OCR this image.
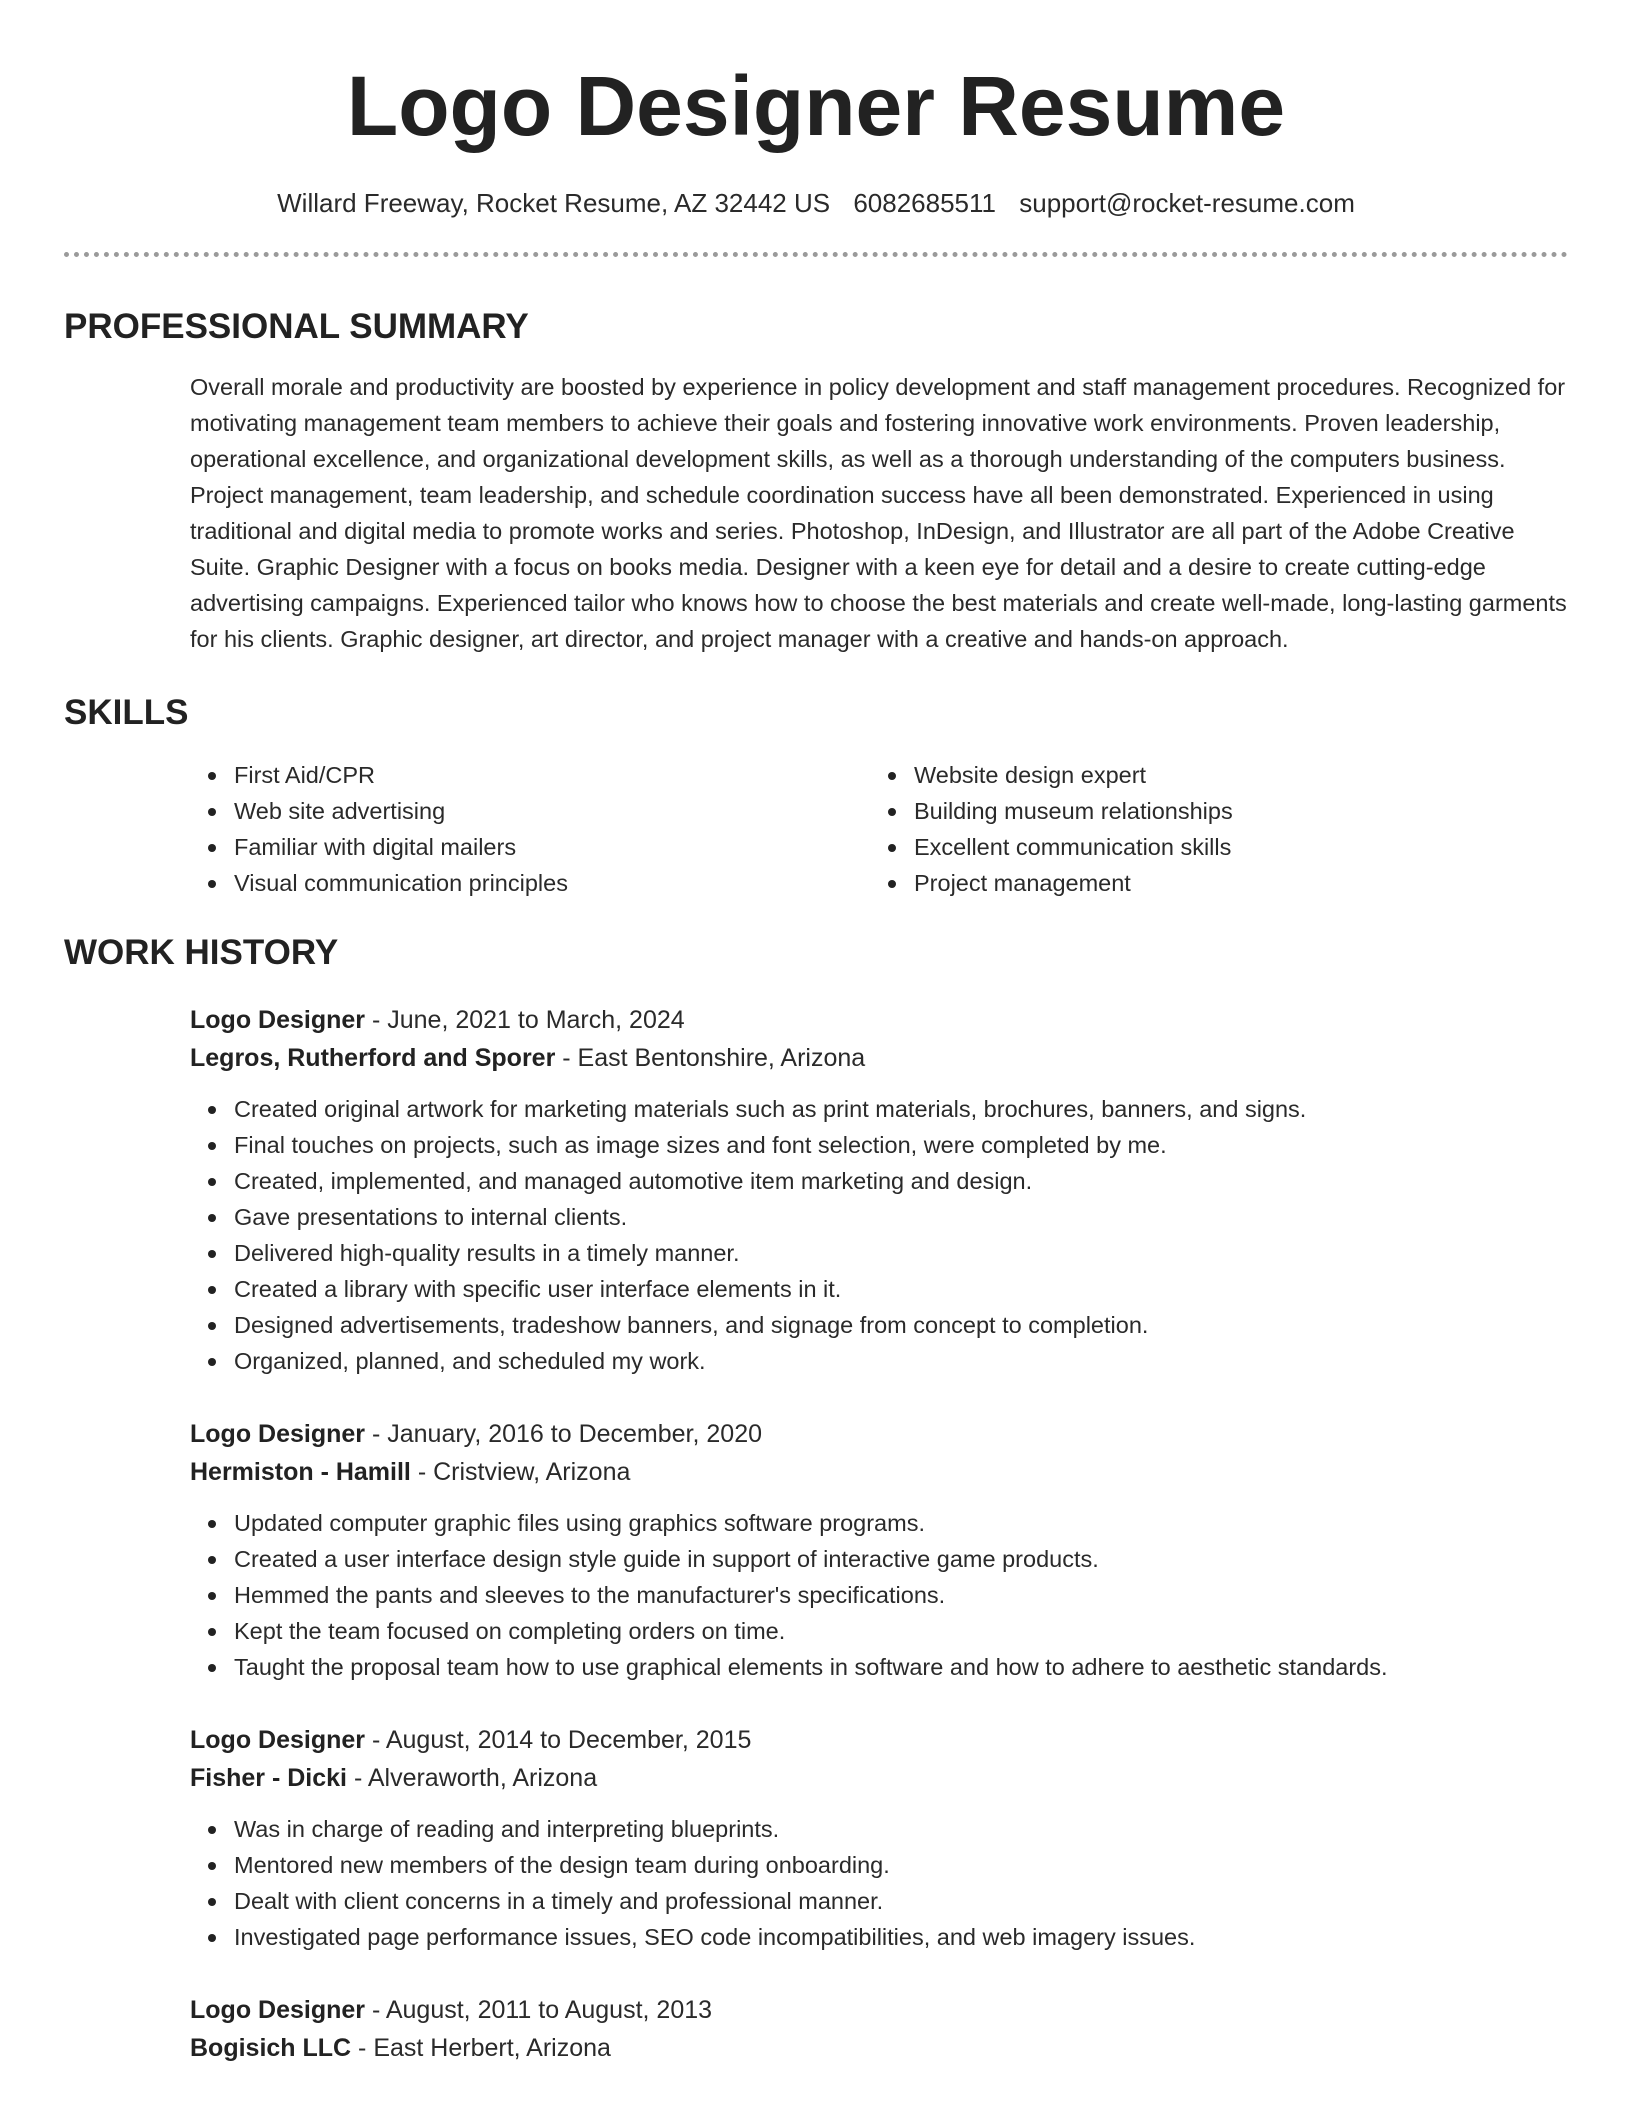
Logo Designer Resume
Willard Freeway, Rocket Resume, AZ 32442 US 6082685511 support@rocket-resume.com
PROFESSIONAL SUMMARY

Overall morale and productivity are boosted by experience in policy development and staff management procedures. Recognized for motivating management team members to achieve their goals and fostering innovative work environments. Proven leadership, operational excellence, and organizational development skills, as well as a thorough understanding of the computers business. Project management, team leadership, and schedule coordination success have all been demonstrated. Experienced in using traditional and digital media to promote works and series. Photoshop, InDesign, and Illustrator are all part of the Adobe Creative Suite. Graphic Designer with a focus on books media. Designer with a keen eye for detail and a desire to create cutting-edge advertising campaigns. Experienced tailor who knows how to choose the best materials and create well-made, long-lasting garments for his clients. Graphic designer, art director, and project manager with a creative and hands-on approach.

SKILLS
First Aid/CPR
Web site advertising
Familiar with digital mailers
Visual communication principles
Website design expert
Building museum relationships
Excellent communication skills
Project management
WORK HISTORY
Logo Designer - June, 2021 to March, 2024
Legros, Rutherford and Sporer - East Bentonshire, Arizona
Created original artwork for marketing materials such as print materials, brochures, banners, and signs.
Final touches on projects, such as image sizes and font selection, were completed by me.
Created, implemented, and managed automotive item marketing and design.
Gave presentations to internal clients.
Delivered high-quality results in a timely manner.
Created a library with specific user interface elements in it.
Designed advertisements, tradeshow banners, and signage from concept to completion.
Organized, planned, and scheduled my work.
Logo Designer - January, 2016 to December, 2020
Hermiston - Hamill - Cristview, Arizona
Updated computer graphic files using graphics software programs.
Created a user interface design style guide in support of interactive game products.
Hemmed the pants and sleeves to the manufacturer's specifications.
Kept the team focused on completing orders on time.
Taught the proposal team how to use graphical elements in software and how to adhere to aesthetic standards.
Logo Designer - August, 2014 to December, 2015
Fisher - Dicki - Alveraworth, Arizona
Was in charge of reading and interpreting blueprints.
Mentored new members of the design team during onboarding.
Dealt with client concerns in a timely and professional manner.
Investigated page performance issues, SEO code incompatibilities, and web imagery issues.
Logo Designer - August, 2011 to August, 2013
Bogisich LLC - East Herbert, Arizona
